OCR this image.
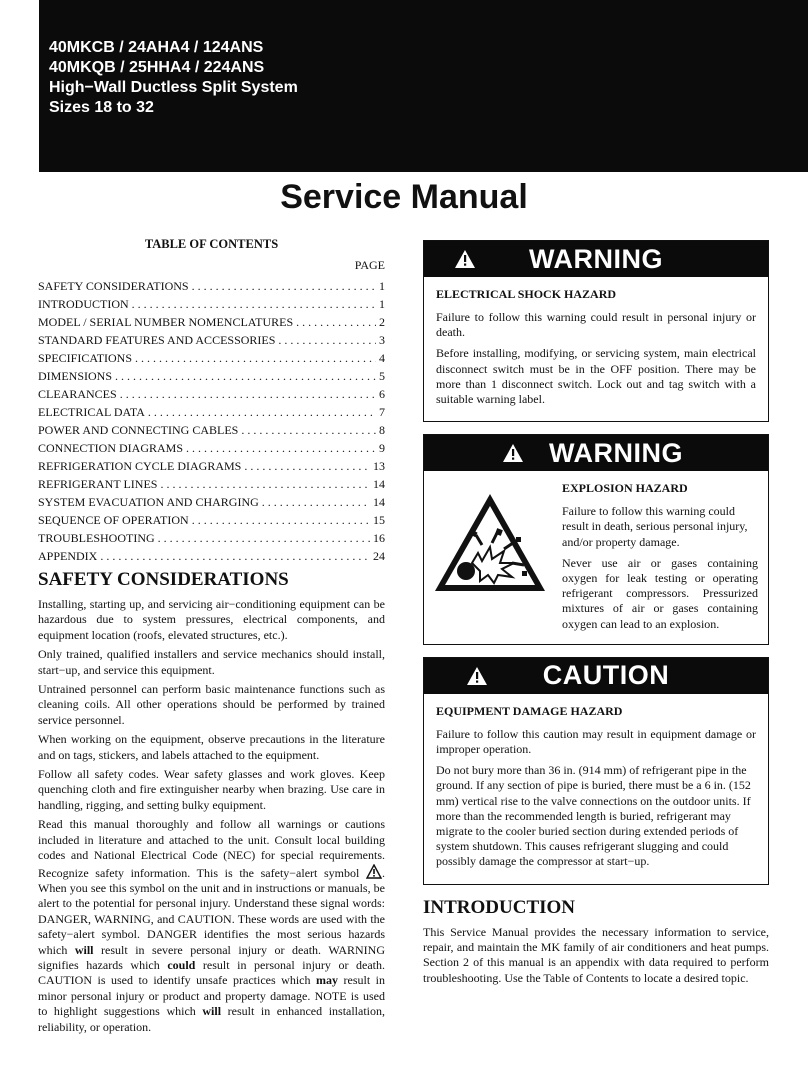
40MKCB / 24AHA4 / 124ANS
40MKQB / 25HHA4 / 224ANS
High−Wall Ductless Split System
Sizes 18 to 32
Service Manual
TABLE OF CONTENTS
PAGE
SAFETY CONSIDERATIONS . . .	1
INTRODUCTION . . .	1
MODEL / SERIAL NUMBER NOMENCLATURES . . .	2
STANDARD FEATURES AND ACCESSORIES . . .	3
SPECIFICATIONS . . .	4
DIMENSIONS . . .	5
CLEARANCES . . .	6
ELECTRICAL DATA . . .	7
POWER AND CONNECTING CABLES . . .	8
CONNECTION DIAGRAMS . . .	9
REFRIGERATION CYCLE DIAGRAMS . . .	13
REFRIGERANT LINES . . .	14
SYSTEM EVACUATION AND CHARGING . . .	14
SEQUENCE OF OPERATION . . .	15
TROUBLESHOOTING . . .	16
APPENDIX . . .	24
SAFETY CONSIDERATIONS

Installing, starting up, and servicing air−conditioning equipment can be hazardous due to system pressures, electrical components, and equipment location (roofs, elevated structures, etc.).

Only trained, qualified installers and service mechanics should install, start−up, and service this equipment.

Untrained personnel can perform basic maintenance functions such as cleaning coils. All other operations should be performed by trained service personnel.

When working on the equipment, observe precautions in the literature and on tags, stickers, and labels attached to the equipment.

Follow all safety codes. Wear safety glasses and work gloves. Keep quenching cloth and fire extinguisher nearby when brazing. Use care in handling, rigging, and setting bulky equipment.

Read this manual thoroughly and follow all warnings or cautions included in literature and attached to the unit. Consult local building codes and National Electrical Code (NEC) for special requirements. Recognize safety information. This is the safety−alert symbol . When you see this symbol on the unit and in instructions or manuals, be alert to the potential for personal injury. Understand these signal words: DANGER, WARNING, and CAUTION. These words are used with the safety−alert symbol. DANGER identifies the most serious hazards which will result in severe personal injury or death. WARNING signifies hazards which could result in personal injury or death. CAUTION is used to identify unsafe practices which may result in minor personal injury or product and property damage. NOTE is used to highlight suggestions which will result in enhanced installation, reliability, or operation.

WARNING
ELECTRICAL SHOCK HAZARD

Failure to follow this warning could result in personal injury or death.

Before installing, modifying, or servicing system, main electrical disconnect switch must be in the OFF position. There may be more than 1 disconnect switch. Lock out and tag switch with a suitable warning label.

WARNING
EXPLOSION HAZARD

Failure to follow this warning could result in death, serious personal injury, and/or property damage.

Never use air or gases containing oxygen for leak testing or operating refrigerant compressors. Pressurized mixtures of air or gases containing oxygen can lead to an explosion.

CAUTION
EQUIPMENT DAMAGE HAZARD

Failure to follow this caution may result in equipment damage or improper operation.

Do not bury more than 36 in. (914 mm) of refrigerant pipe in the ground. If any section of pipe is buried, there must be a 6 in. (152 mm) vertical rise to the valve connections on the outdoor units. If more than the recommended length is buried, refrigerant may migrate to the cooler buried section during extended periods of system shutdown. This causes refrigerant slugging and could possibly damage the compressor at start−up.

INTRODUCTION

This Service Manual provides the necessary information to service, repair, and maintain the MK family of air conditioners and heat pumps. Section 2 of this manual is an appendix with data required to perform troubleshooting. Use the Table of Contents to locate a desired topic.
